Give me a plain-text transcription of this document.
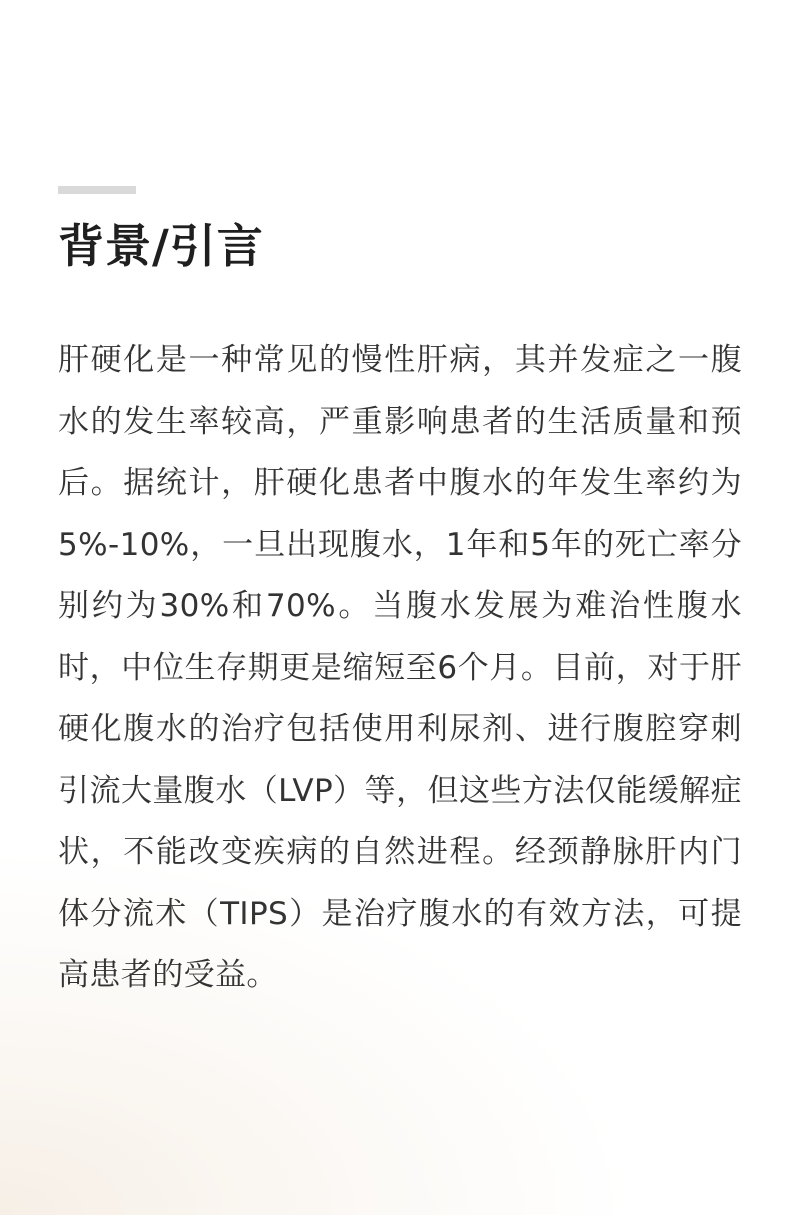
背景/引言

肝硬化是一种常见的慢性肝病，其并发症之一腹水的发生率较高，严重影响患者的生活质量和预后。据统计，肝硬化患者中腹水的年发生率约为5%-10%，一旦出现腹水，1年和5年的死亡率分别约为30%和70%。当腹水发展为难治性腹水时，中位生存期更是缩短至6个月。目前，对于肝硬化腹水的治疗包括使用利尿剂、进行腹腔穿刺引流大量腹水（LVP）等，但这些方法仅能缓解症状，不能改变疾病的自然进程。经颈静脉肝内门体分流术（TIPS）是治疗腹水的有效方法，可提高患者的受益。
